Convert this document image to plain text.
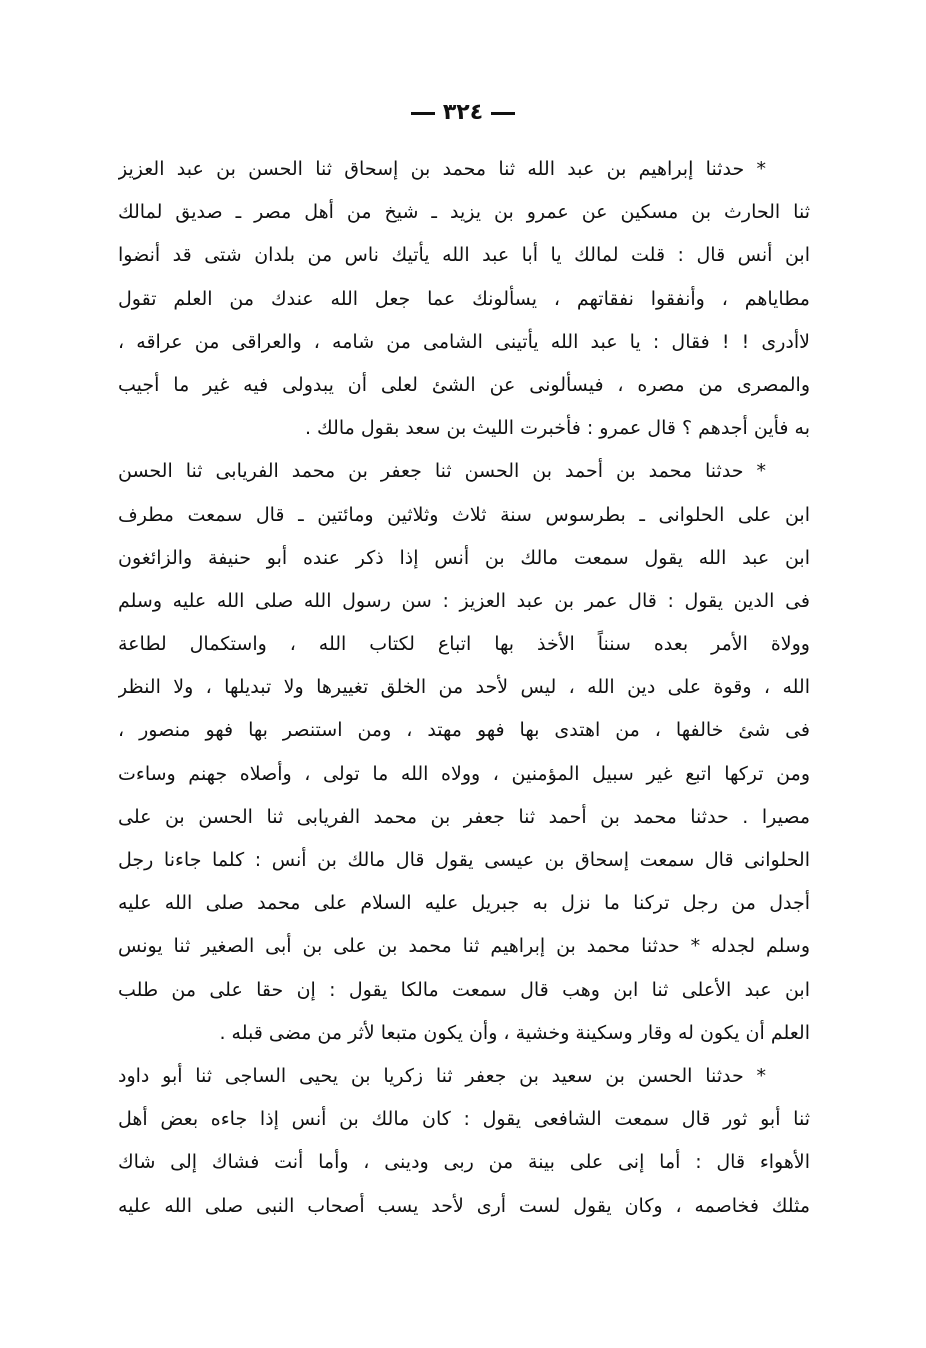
٣٢٤
* حدثنا إبراهيم بن عبد الله ثنا محمد بن إسحاق ثنا الحسن بن عبد العزيز
ثنا الحارث بن مسكين عن عمرو بن يزيد ـ شيخ من أهل مصر ـ صديق لمالك
ابن أنس قال : قلت لمالك يا أبا عبد الله يأتيك ناس من بلدان شتى قد أنضوا
مطاياهم ، وأنفقوا نفقاتهم ، يسألونك عما جعل الله عندك من العلم تقول
لاأدرى ! ! فقال : يا عبد الله يأتينى الشامى من شامه ، والعراقى من عراقه ،
والمصرى من مصره ، فيسألونى عن الشئ لعلى أن يبدولى فيه غير ما أجيب
به فأين أجدهم ؟ قال عمرو : فأخبرت الليث بن سعد بقول مالك .
* حدثنا محمد بن أحمد بن الحسن ثنا جعفر بن محمد الفريابى ثنا الحسن
ابن على الحلوانى ـ بطرسوس سنة ثلاث وثلاثين ومائتين ـ قال سمعت مطرف
ابن عبد الله يقول سمعت مالك بن أنس إذا ذكر عنده أبو حنيفة والزائغون
فى الدين يقول : قال عمر بن عبد العزيز : سن رسول الله صلى الله عليه وسلم
وولاة الأمر بعده سنناً الأخذ بها اتباع لكتاب الله ، واستكمال لطاعة
الله ، وقوة على دين الله ، ليس لأحد من الخلق تغييرها ولا تبديلها ، ولا النظر
فى شئ خالفها ، من اهتدى بها فهو مهتد ، ومن استنصر بها فهو منصور ،
ومن تركها اتبع غير سبيل المؤمنين ، وولاه الله ما تولى ، وأصلاه جهنم وساءت
مصيرا . حدثنا محمد بن أحمد ثنا جعفر بن محمد الفريابى ثنا الحسن بن على
الحلوانى قال سمعت إسحاق بن عيسى يقول قال مالك بن أنس : كلما جاءنا رجل
أجدل من رجل تركنا ما نزل به جبريل عليه السلام على محمد صلى الله عليه
وسلم لجدله * حدثنا محمد بن إبراهيم ثنا محمد بن على بن أبى الصغير ثنا يونس
ابن عبد الأعلى ثنا ابن وهب قال سمعت مالكا يقول : إن حقا على من طلب
العلم أن يكون له وقار وسكينة وخشية ، وأن يكون متبعا لأثر من مضى قبله .
* حدثنا الحسن بن سعيد بن جعفر ثنا زكريا بن يحيى الساجى ثنا أبو داود
ثنا أبو ثور قال سمعت الشافعى يقول : كان مالك بن أنس إذا جاءه بعض أهل
الأهواء قال : أما إنى على بينة من ربى ودينى ، وأما أنت فشاك إلى شاك
مثلك فخاصمه ، وكان يقول لست أرى لأحد يسب أصحاب النبى صلى الله عليه
